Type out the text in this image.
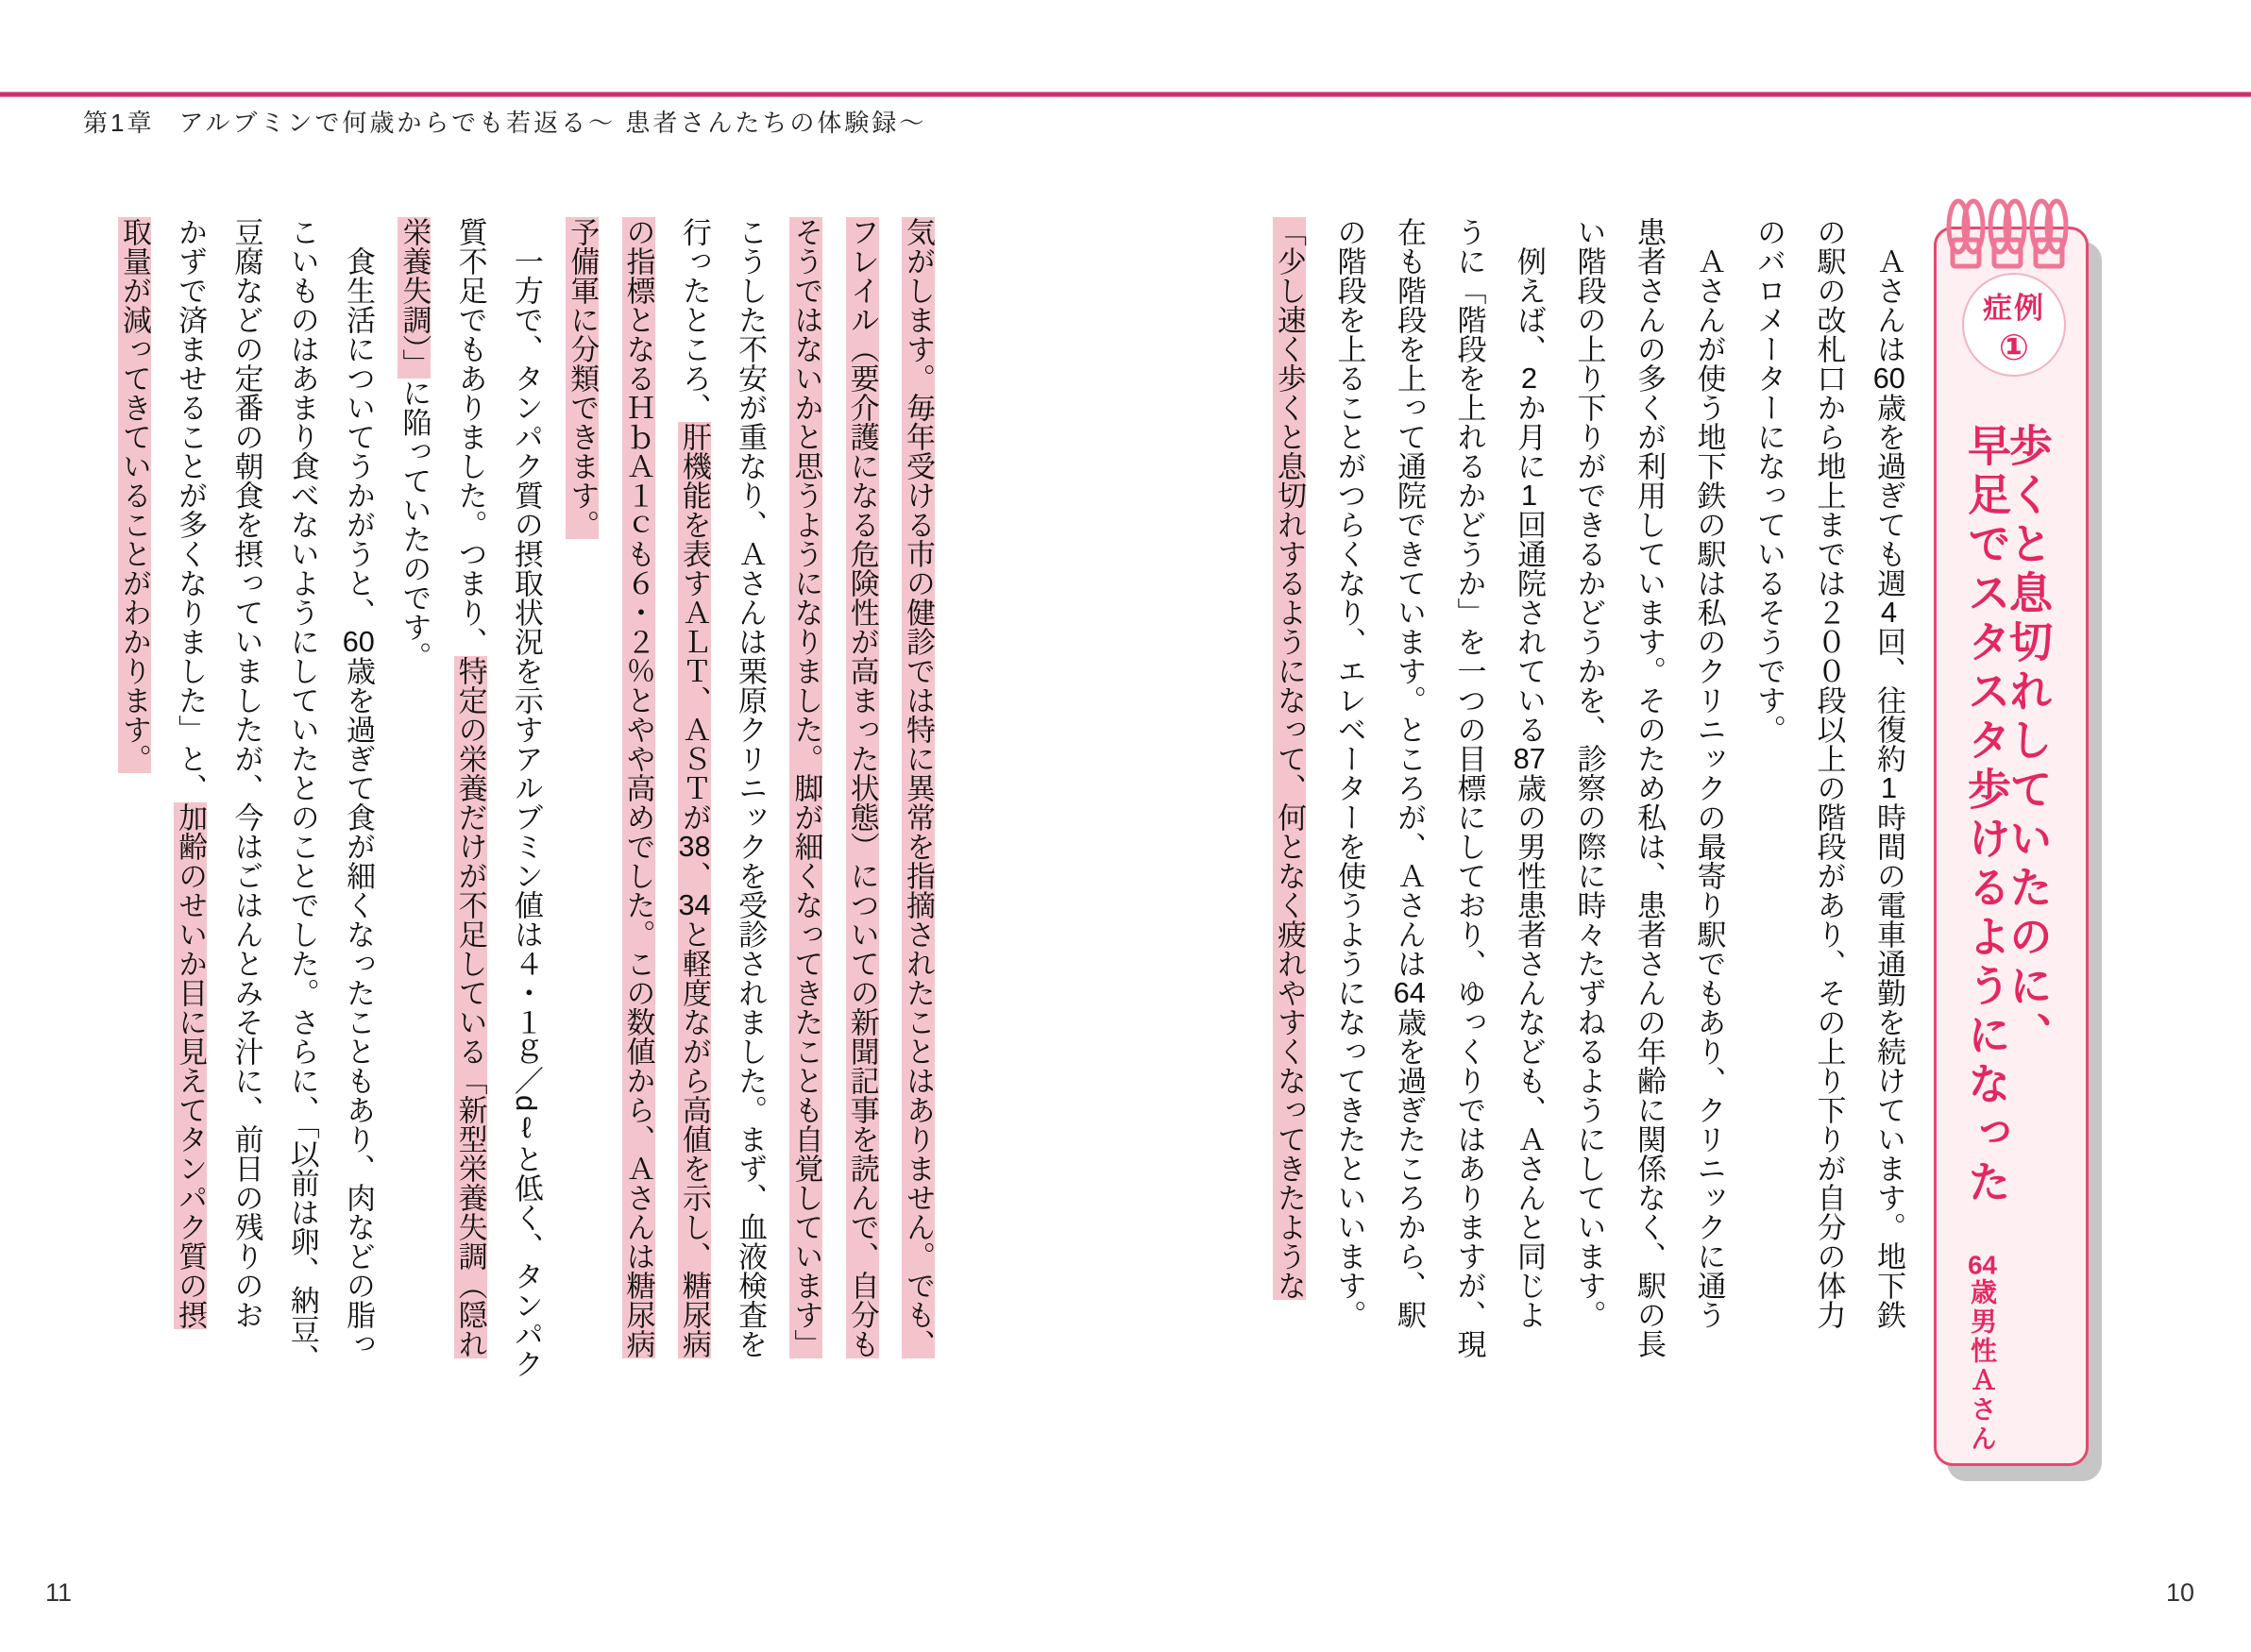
第1章 アルブミンで何歳からでも若返る〜 患者さんたちの体験録〜
症例
①
歩くと息切れしていたのに、
早足でスタスタ歩けるようになった
64歳男性Ａさん
　Ａさんは60歳を過ぎても週4回、往復約1時間の電車通勤を続けています。地下鉄
の駅の改札口から地上までは２００段以上の階段があり、その上り下りが自分の体力
のバロメーターになっているそうです。
　Ａさんが使う地下鉄の駅は私のクリニックの最寄り駅でもあり、クリニックに通う
患者さんの多くが利用しています。そのため私は、患者さんの年齢に関係なく、駅の長
い階段の上り下りができるかどうかを、診察の際に時々たずねるようにしています。
　例えば、2か月に1回通院されている87歳の男性患者さんなども、Ａさんと同じよ
うに「階段を上れるかどうか」を一つの目標にしており、ゆっくりではありますが、現
在も階段を上って通院できています。ところが、Ａさんは64歳を過ぎたころから、駅
の階段を上ることがつらくなり、エレベーターを使うようになってきたといいます。
「少し速く歩くと息切れするようになって、何となく疲れやすくなってきたような
気がします。毎年受ける市の健診では特に異常を指摘されたことはありません。でも、
フレイル（要介護になる危険性が高まった状態）についての新聞記事を読んで、自分も
そうではないかと思うようになりました。脚が細くなってきたことも自覚しています」
こうした不安が重なり、Ａさんは栗原クリニックを受診されました。まず、血液検査を
行ったところ、肝機能を表すＡＬＴ、ＡＳＴが38、34と軽度ながら高値を示し、糖尿病
の指標となるＨｂＡ１ｃも６・２％とやや高めでした。この数値から、Ａさんは糖尿病
予備軍に分類できます。
　一方で、タンパク質の摂取状況を示すアルブミン値は４・１ｇ／dℓと低く、タンパク
質不足でもありました。つまり、特定の栄養だけが不足している「新型栄養失調（隠れ
栄養失調）」に陥っていたのです。
　食生活についてうかがうと、60歳を過ぎて食が細くなったこともあり、肉などの脂っ
こいものはあまり食べないようにしていたとのことでした。さらに、「以前は卵、納豆、
豆腐などの定番の朝食を摂っていましたが、今はごはんとみそ汁に、前日の残りのお
かずで済ませることが多くなりました」と、加齢のせいか目に見えてタンパク質の摂
取量が減ってきていることがわかります。
11	10
